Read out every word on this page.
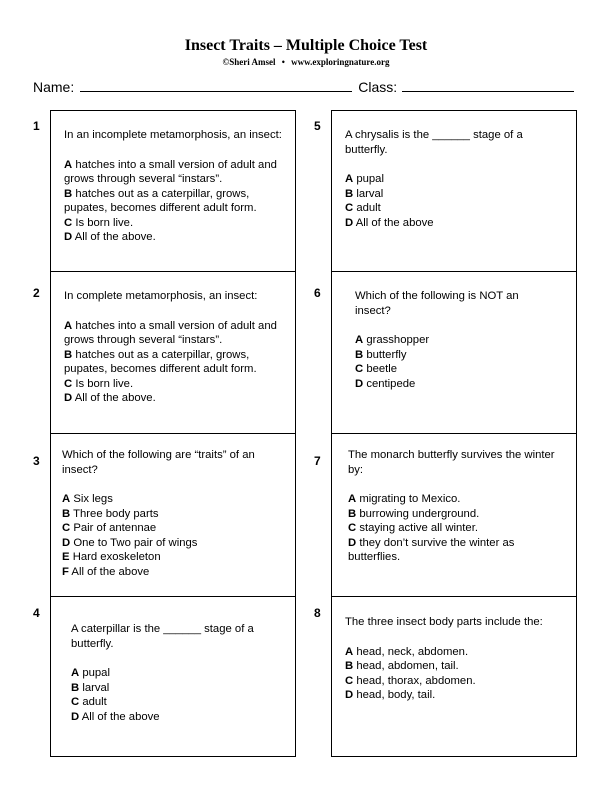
Insect Traits – Multiple Choice Test
©Sheri Amsel • www.exploringnature.org
Name:	Class:
1

In an incomplete metamorphosis, an insect:

A hatches into a small version of adult and grows through several “instars”.

B hatches out as a caterpillar, grows, pupates, becomes different adult form.

C Is born live.

D All of the above.

2 In complete metamorphosis, an insect:

A hatches into a small version of adult and grows through several “instars”.

B hatches out as a caterpillar, grows, pupates, becomes different adult form.

C Is born live.

D All of the above.

3 Which of the following are “traits” of an insect?

A Six legs

B Three body parts

C Pair of antennae

D One to Two pair of wings

E Hard exoskeleton

F All of the above

4

A caterpillar is the ______ stage of a butterfly.

A pupal

B larval

C adult

D All of the above

5

A chrysalis is the ______ stage of a butterfly.

A pupal

B larval

C adult

D All of the above

6	Which of the following is NOT an insect?

A grasshopper

B butterfly

C beetle

D centipede

7 The monarch butterfly survives the winter by:

A migrating to Mexico.

B burrowing underground.

C staying active all winter.

D they don’t survive the winter as butterflies.

8

The three insect body parts include the:

A head, neck, abdomen.

B head, abdomen, tail.

C head, thorax, abdomen.

D head, body, tail.
